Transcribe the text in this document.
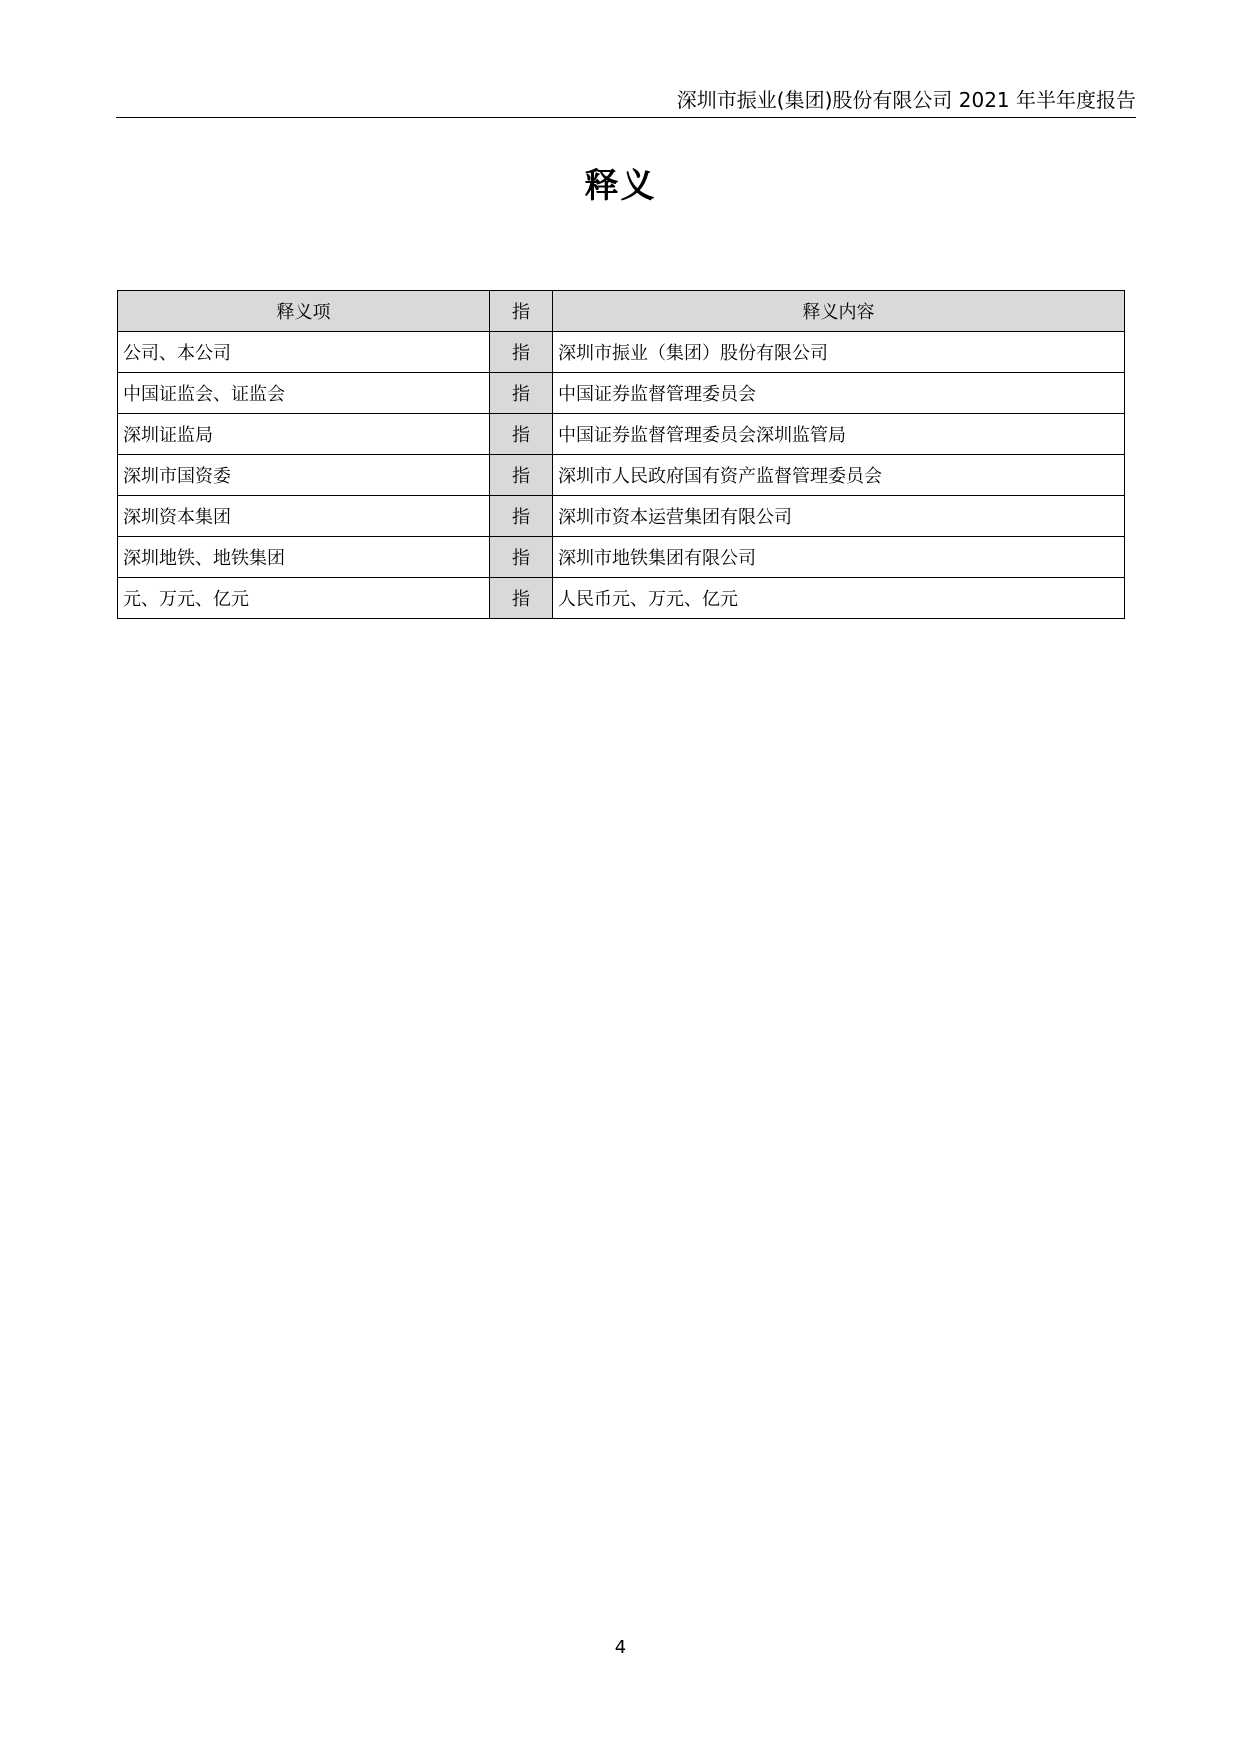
深圳市振业(集团)股份有限公司 2021 年半年度报告
释义
释义项	指	释义内容
公司、本公司	指	深圳市振业（集团）股份有限公司
中国证监会、证监会	指	中国证券监督管理委员会
深圳证监局	指	中国证券监督管理委员会深圳监管局
深圳市国资委	指	深圳市人民政府国有资产监督管理委员会
深圳资本集团	指	深圳市资本运营集团有限公司
深圳地铁、地铁集团	指	深圳市地铁集团有限公司
元、万元、亿元	指	人民币元、万元、亿元
4
